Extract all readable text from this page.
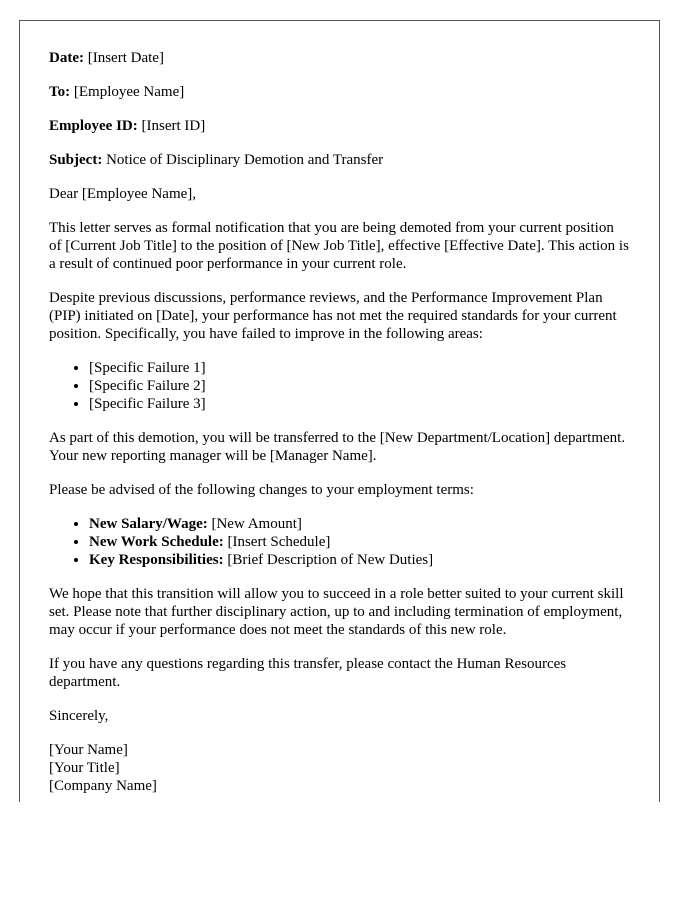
Date: [Insert Date]

To: [Employee Name]

Employee ID: [Insert ID]

Subject: Notice of Disciplinary Demotion and Transfer

Dear [Employee Name],

This letter serves as formal notification that you are being demoted from your current position of [Current Job Title] to the position of [New Job Title], effective [Effective Date]. This action is a result of continued poor performance in your current role.

Despite previous discussions, performance reviews, and the Performance Improvement Plan (PIP) initiated on [Date], your performance has not met the required standards for your current position. Specifically, you have failed to improve in the following areas:

• [Specific Failure 1]
• [Specific Failure 2]
• [Specific Failure 3]

As part of this demotion, you will be transferred to the [New Department/Location] department. Your new reporting manager will be [Manager Name].

Please be advised of the following changes to your employment terms:

• New Salary/Wage: [New Amount]
• New Work Schedule: [Insert Schedule]
• Key Responsibilities: [Brief Description of New Duties]

We hope that this transition will allow you to succeed in a role better suited to your current skill set. Please note that further disciplinary action, up to and including termination of employment, may occur if your performance does not meet the standards of this new role.

If you have any questions regarding this transfer, please contact the Human Resources department.

Sincerely,

[Your Name]
[Your Title]
[Company Name]
